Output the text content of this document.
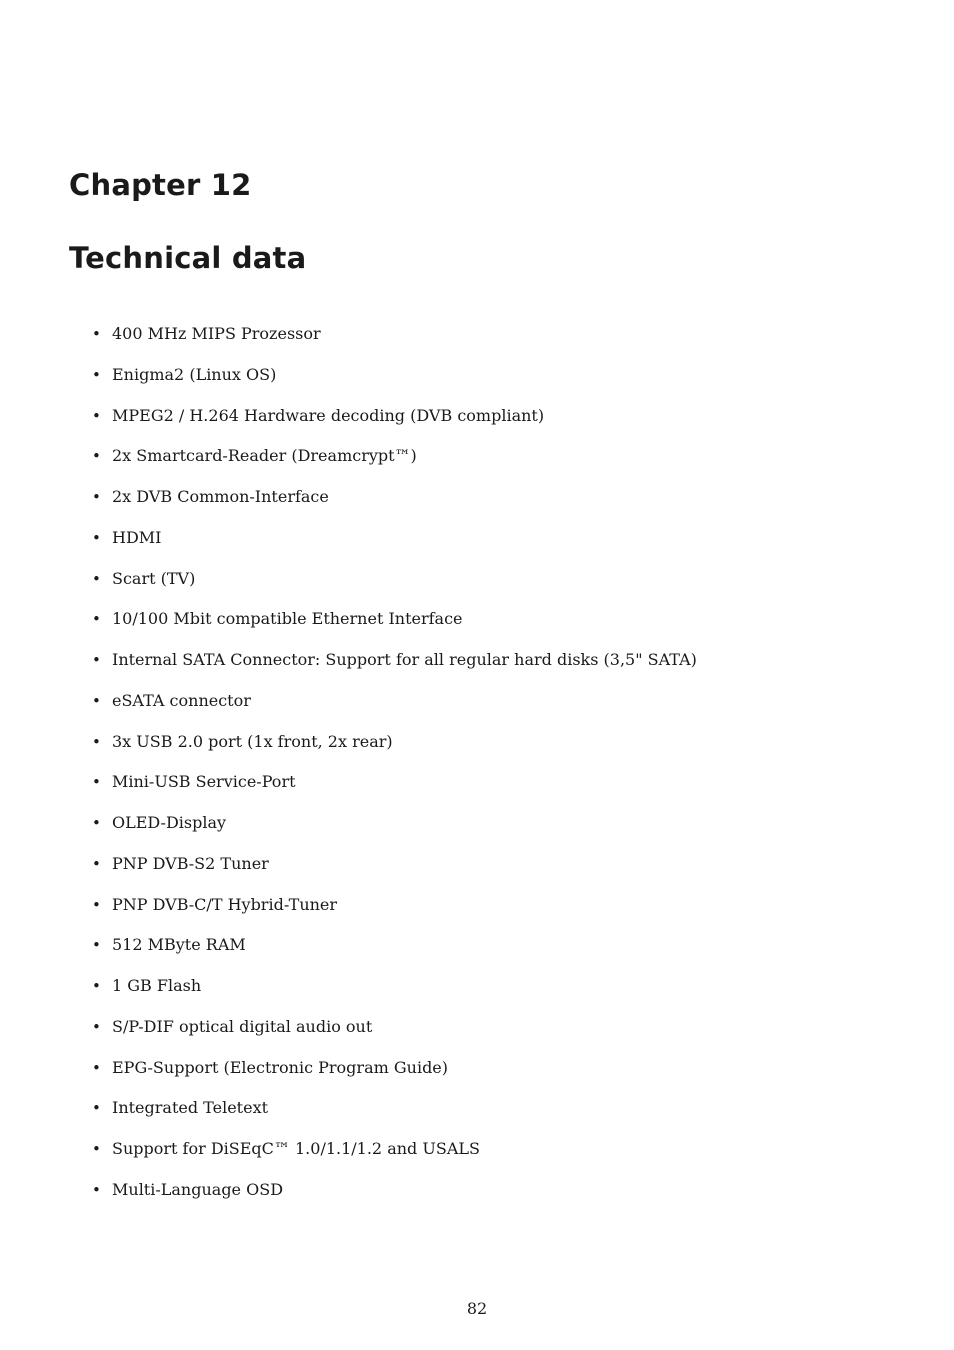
Chapter 12
Technical data
• 400 MHz MIPS Prozessor
• Enigma2 (Linux OS)
• MPEG2 / H.264 Hardware decoding (DVB compliant)
• 2x Smartcard-Reader (Dreamcrypt™)
• 2x DVB Common-Interface
• HDMI
• Scart (TV)
• 10/100 Mbit compatible Ethernet Interface
• Internal SATA Connector: Support for all regular hard disks (3,5" SATA)
• eSATA connector
• 3x USB 2.0 port (1x front, 2x rear)
• Mini-USB Service-Port
• OLED-Display
• PNP DVB-S2 Tuner
• PNP DVB-C/T Hybrid-Tuner
• 512 MByte RAM
• 1 GB Flash
• S/P-DIF optical digital audio out
• EPG-Support (Electronic Program Guide)
• Integrated Teletext
• Support for DiSEqC™ 1.0/1.1/1.2 and USALS
• Multi-Language OSD
82
